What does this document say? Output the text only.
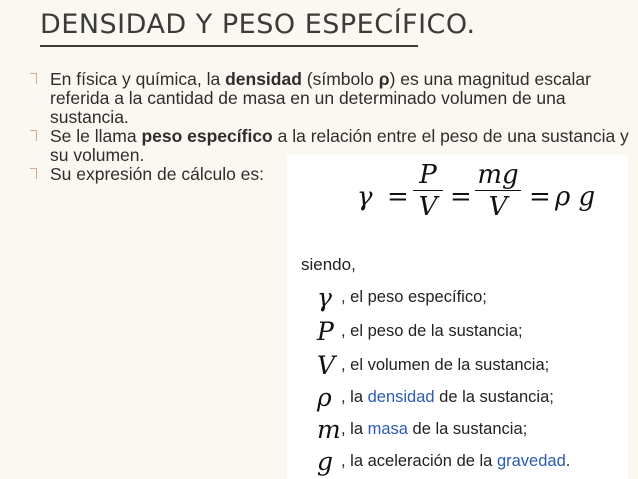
DENSIDAD Y PESO ESPECÍFICO.

En física y química, la densidad (símbolo ρ) es una magnitud escalar referida a la cantidad de masa en un determinado volumen de una sustancia.

Se le llama peso específico a la relación entre el peso de una sustancia y su volumen.

Su expresión de cálculo es:

γ =
P
V =
mg
V = ρ g
siendo,
γ , el peso específico;
P , el peso de la sustancia;
V , el volumen de la sustancia;
ρ , la densidad de la sustancia;
m, la masa de la sustancia;
g , la aceleración de la gravedad.
